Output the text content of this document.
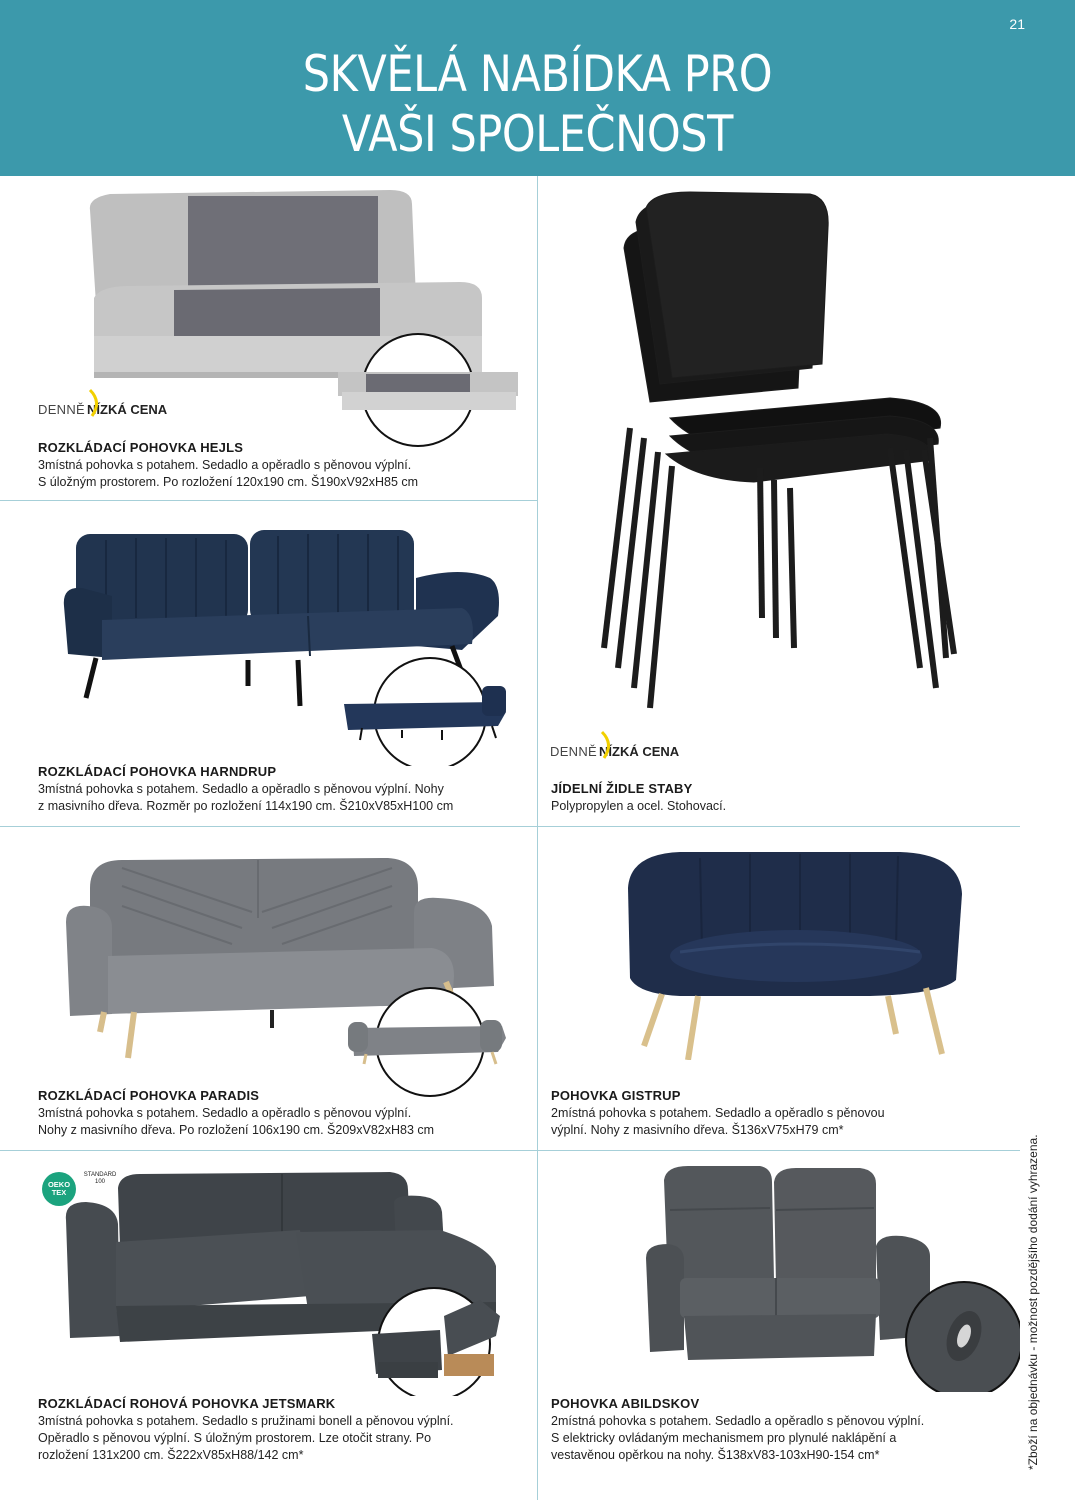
21
SKVĚLÁ NABÍDKA PRO
VAŠI SPOLEČNOST
DENNĚ NÍZKÁ CENA
ROZKLÁDACÍ POHOVKA HEJLS
3místná pohovka s potahem. Sedadlo a opěradlo s pěnovou výplní.
S úložným prostorem. Po rozložení 120x190 cm. Š190xV92xH85 cm
DENNĚ NÍZKÁ CENA
JÍDELNÍ ŽIDLE STABY
Polypropylen a ocel. Stohovací.
ROZKLÁDACÍ POHOVKA HARNDRUP
3místná pohovka s potahem. Sedadlo a opěradlo s pěnovou výplní. Nohy
z masivního dřeva. Rozměr po rozložení 114x190 cm. Š210xV85xH100 cm
ROZKLÁDACÍ POHOVKA PARADIS
3místná pohovka s potahem. Sedadlo a opěradlo s pěnovou výplní.
Nohy z masivního dřeva. Po rozložení 106x190 cm. Š209xV82xH83 cm
POHOVKA GISTRUP
2místná pohovka s potahem. Sedadlo a opěradlo s pěnovou
výplní. Nohy z masivního dřeva. Š136xV75xH79 cm*
OEKO
TEX
STANDARD
100
ROZKLÁDACÍ ROHOVÁ POHOVKA JETSMARK
3místná pohovka s potahem. Sedadlo s pružinami bonell a pěnovou výplní.
Opěradlo s pěnovou výplní. S úložným prostorem. Lze otočit strany. Po
rozložení 131x200 cm. Š222xV85xH88/142 cm*
POHOVKA ABILDSKOV
2místná pohovka s potahem. Sedadlo a opěradlo s pěnovou výplní.
S elektricky ovládaným mechanismem pro plynulé naklápění a
vestavěnou opěrkou na nohy. Š138xV83-103xH90-154 cm*	*Zboží na objednávku - možnost pozdějšího dodání vyhrazena.
